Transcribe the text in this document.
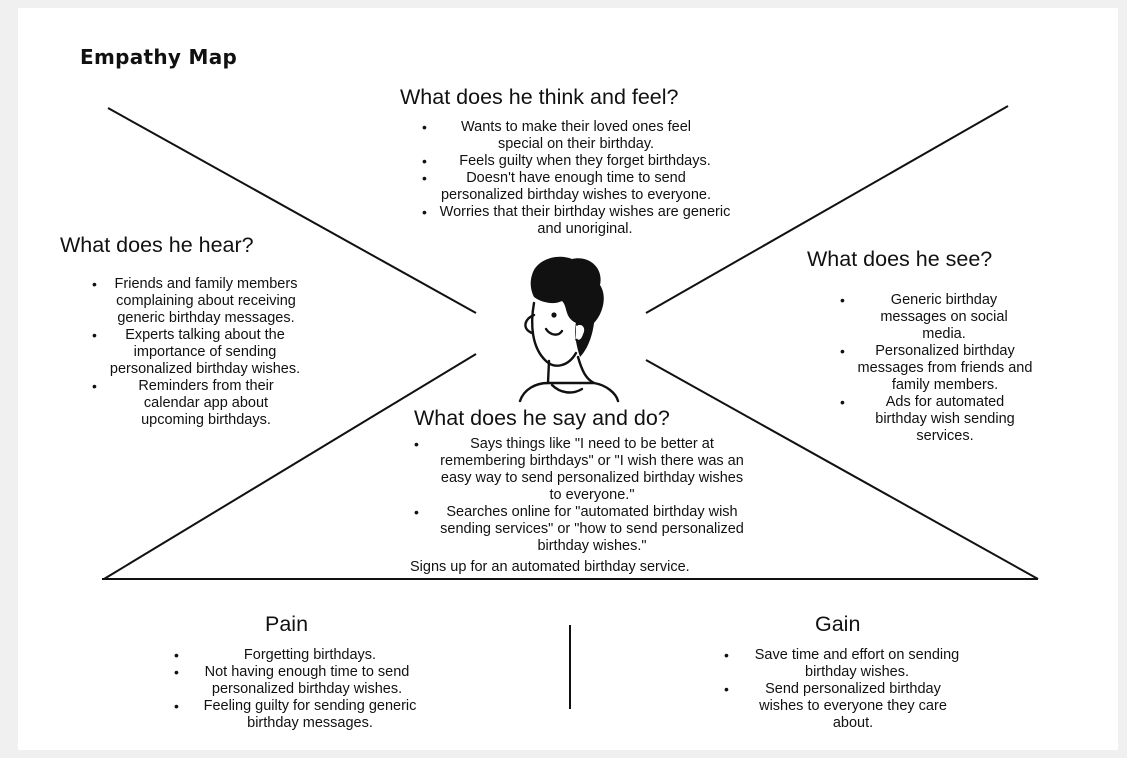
Empathy Map
What does he think and feel?
• Wants to make their loved ones feel special on their birthday.
• Feels guilty when they forget birthdays.
• Doesn't have enough time to send personalized birthday wishes to everyone.
• Worries that their birthday wishes are generic and unoriginal.
What does he hear?
• Friends and family members complaining about receiving generic birthday messages.
• Experts talking about the importance of sending personalized birthday wishes.
• Reminders from their calendar app about upcoming birthdays.
What does he see?
• Generic birthday messages on social media.
• Personalized birthday messages from friends and family members.
• Ads for automated birthday wish sending services.
What does he say and do?
• Says things like "I need to be better at remembering birthdays" or "I wish there was an easy way to send personalized birthday wishes to everyone."
• Searches online for "automated birthday wish sending services" or "how to send personalized birthday wishes."
Signs up for an automated birthday service.
Pain
• Forgetting birthdays.
• Not having enough time to send personalized birthday wishes.
• Feeling guilty for sending generic birthday messages.
Gain
• Save time and effort on sending birthday wishes.
• Send personalized birthday wishes to everyone they care about.
